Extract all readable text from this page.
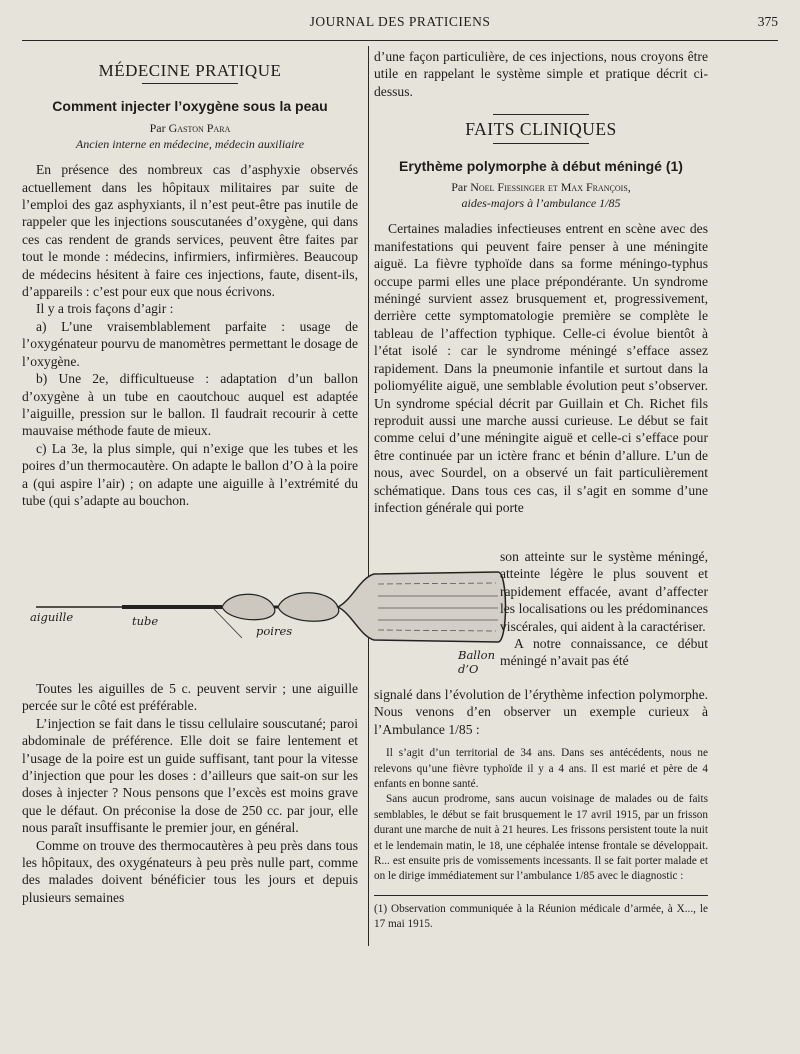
JOURNAL DES PRATICIENS	375
MÉDECINE PRATIQUE
Comment injecter l’oxygène sous la peau
Par Gaston Para
Ancien interne en médecine, médecin auxiliaire

En présence des nombreux cas d’asphyxie observés actuellement dans les hôpitaux militaires par suite de l’emploi des gaz asphyxiants, il n’est peut-être pas inutile de rappeler que les injections souscutanées d’oxygène, qui dans ces cas rendent de grands services, peuvent être faites par tout le monde : médecins, infirmiers, infirmières. Beaucoup de médecins hésitent à faire ces injections, faute, disent-ils, d’appareils : c’est pour eux que nous écrivons.

Il y a trois façons d’agir :

a) L’une vraisemblablement parfaite : usage de l’oxygénateur pourvu de manomètres permettant le dosage de l’oxygène.

b) Une 2e, difficultueuse : adaptation d’un ballon d’oxygène à un tube en caoutchouc auquel est adaptée l’aiguille, pression sur le ballon. Il faudrait recourir à cette mauvaise méthode faute de mieux.

c) La 3e, la plus simple, qui n’exige que les tubes et les poires d’un thermocautère. On adapte le ballon d’O à la poire a (qui aspire l’air) ; on adapte une aiguille à l’extrémité du tube (qui s’adapte au bouchon.

aiguille	tube
poires
Ballon d’O

Toutes les aiguilles de 5 c. peuvent servir ; une aiguille percée sur le côté est préférable.

L’injection se fait dans le tissu cellulaire souscutané; paroi abdominale de préférence. Elle doit se faire lentement et l’usage de la poire est un guide suffisant, tant pour la vitesse d’injection que pour les doses : d’ailleurs que sait-on sur les doses à injecter ? Nous pensons que l’excès est moins grave que le défaut. On préconise la dose de 250 cc. par jour, elle nous paraît insuffisante le premier jour, en général.

Comme on trouve des thermocautères à peu près dans tous les hôpitaux, des oxygénateurs à peu près nulle part, comme des malades doivent bénéficier tous les jours et depuis plusieurs semaines

d’une façon particulière, de ces injections, nous croyons être utile en rappelant le système simple et pratique décrit ci-dessus.

FAITS CLINIQUES
Erythème polymorphe à début méningé (1)
Par Noel Fiessinger et Max François,
aides-majors à l’ambulance 1/85

Certaines maladies infectieuses entrent en scène avec des manifestations qui peuvent faire penser à une méningite aiguë. La fièvre typhoïde dans sa forme méningo-typhus occupe parmi elles une place prépondérante. Un syndrome méningé survient assez brusquement et, progressivement, derrière cette symptomatologie première se complète le tableau de l’affection typhique. Celle-ci évolue bientôt à l’état isolé : car le syndrome méningé s’efface assez rapidement. Dans la pneumonie infantile et surtout dans la poliomyélite aiguë, une semblable évolution peut s’observer. Un syndrome spécial décrit par Guillain et Ch. Richet fils reproduit aussi une marche aussi curieuse. Le début se fait comme celui d’une méningite aiguë et celle-ci s’efface pour être continuée par un ictère franc et bénin d’allure. L’un de nous, avec Sourdel, on a observé un fait particulièrement schématique. Dans tous ces cas, il s’agit en somme d’une infection générale qui porte

son atteinte sur le système méningé, atteinte légère le plus souvent et rapidement effacée, avant d’affecter les localisations ou les prédominances viscérales, qui aident à la caractériser.

A notre connaissance, ce début méningé n’avait pas été

signalé dans l’évolution de l’érythème infection polymorphe. Nous venons d’en observer un exemple curieux à l’Ambulance 1/85 :

Il s’agit d’un territorial de 34 ans. Dans ses antécédents, nous ne relevons qu’une fièvre typhoïde il y a 4 ans. Il est marié et père de 4 enfants en bonne santé.

Sans aucun prodrome, sans aucun voisinage de malades ou de faits semblables, le début se fait brusquement le 17 avril 1915, par un frisson durant une marche de nuit à 21 heures. Les frissons persistent toute la nuit et le lendemain matin, le 18, une céphalée intense frontale se développait. R... est ensuite pris de vomissements incessants. Il se fait porter malade et on le dirige immédiatement sur l’ambulance 1/85 avec le diagnostic :

(1) Observation communiquée à la Réunion médicale d’armée, à X..., le 17 mai 1915.
